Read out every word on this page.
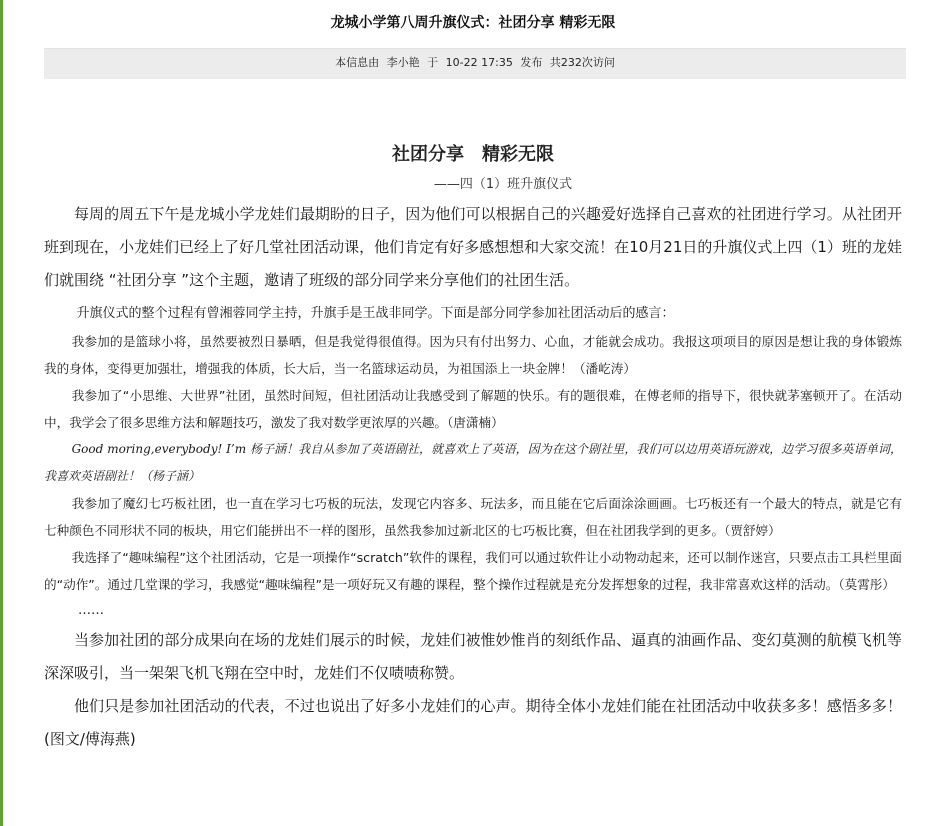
龙城小学第八周升旗仪式：社团分享 精彩无限
本信息由 李小艳 于 10-22 17:35 发布 共232次访问
社团分享　精彩无限
——四（1）班升旗仪式

每周的周五下午是龙城小学龙娃们最期盼的日子，因为他们可以根据自己的兴趣爱好选择自己喜欢的社团进行学习。从社团开班到现在，小龙娃们已经上了好几堂社团活动课，他们肯定有好多感想想和大家交流！在10月21日的升旗仪式上四（1）班的龙娃们就围绕 “社团分享 ”这个主题，邀请了班级的部分同学来分享他们的社团生活。

升旗仪式的整个过程有曾湘蓉同学主持，升旗手是王战非同学。下面是部分同学参加社团活动后的感言：

我参加的是篮球小将，虽然要被烈日暴晒，但是我觉得很值得。因为只有付出努力、心血，才能就会成功。我报这项项目的原因是想让我的身体锻炼我的身体，变得更加强壮，增强我的体质，长大后，当一名篮球运动员，为祖国添上一块金牌！（潘屹涛）

我参加了“小思维、大世界”社团，虽然时间短，但社团活动让我感受到了解题的快乐。有的题很难，在傅老师的指导下，很快就茅塞顿开了。在活动中，我学会了很多思维方法和解题技巧，激发了我对数学更浓厚的兴趣。（唐潇楠）

Good moring,everybody! I’m 杨子涵！我自从参加了英语剧社，就喜欢上了英语，因为在这个剧社里，我们可以边用英语玩游戏，边学习很多英语单词，我喜欢英语剧社！（杨子涵）

我参加了魔幻七巧板社团，也一直在学习七巧板的玩法，发现它内容多、玩法多，而且能在它后面涂涂画画。七巧板还有一个最大的特点，就是它有七种颜色不同形状不同的板块，用它们能拼出不一样的图形，虽然我参加过新北区的七巧板比赛，但在社团我学到的更多。（贾舒婷）

我选择了“趣味编程”这个社团活动，它是一项操作“scratch”软件的课程，我们可以通过软件让小动物动起来，还可以制作迷宫，只要点击工具栏里面的“动作”。通过几堂课的学习，我感觉“趣味编程”是一项好玩又有趣的课程，整个操作过程就是充分发挥想象的过程，我非常喜欢这样的活动。（莫霄彤）

……

当参加社团的部分成果向在场的龙娃们展示的时候，龙娃们被惟妙惟肖的刻纸作品、逼真的油画作品、变幻莫测的航模飞机等深深吸引，当一架架飞机飞翔在空中时，龙娃们不仅啧啧称赞。

他们只是参加社团活动的代表，不过也说出了好多小龙娃们的心声。期待全体小龙娃们能在社团活动中收获多多！感悟多多！(图文/傅海燕)
